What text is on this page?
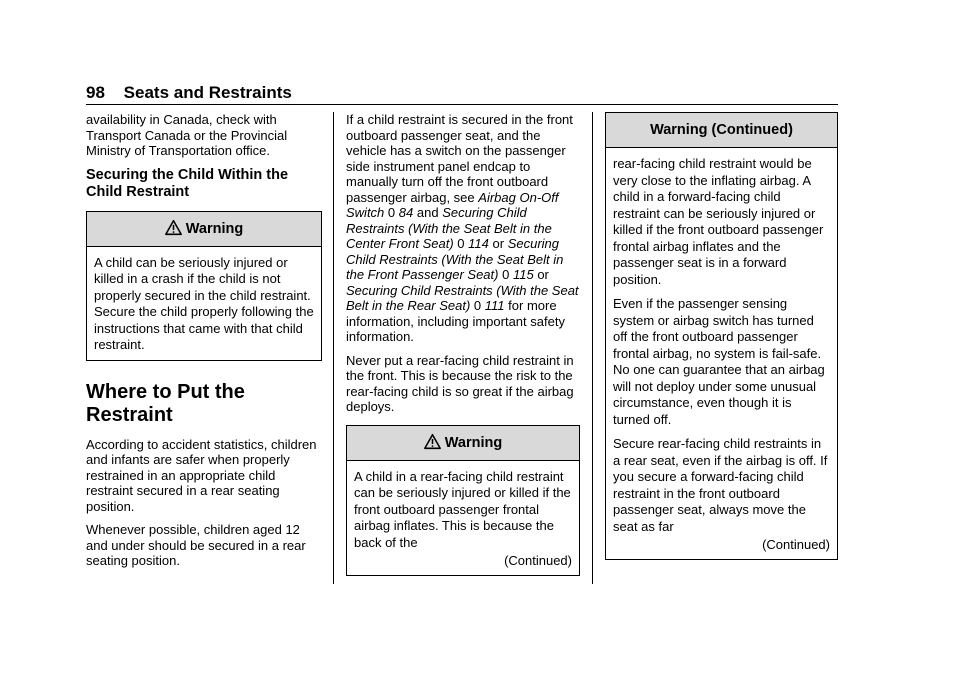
98 Seats and Restraints

availability in Canada, check with Transport Canada or the Provincial Ministry of Transportation office.

Securing the Child Within the Child Restraint
Warning

A child can be seriously injured or killed in a crash if the child is not properly secured in the child restraint. Secure the child properly following the instructions that came with that child restraint.

Where to Put the Restraint

According to accident statistics, children and infants are safer when properly restrained in an appropriate child restraint secured in a rear seating position.

Whenever possible, children aged 12 and under should be secured in a rear seating position.

If a child restraint is secured in the front outboard passenger seat, and the vehicle has a switch on the passenger side instrument panel endcap to manually turn off the front outboard passenger airbag, see Airbag On-Off Switch 0 84 and Securing Child Restraints (With the Seat Belt in the Center Front Seat) 0 114 or Securing Child Restraints (With the Seat Belt in the Front Passenger Seat) 0 115 or Securing Child Restraints (With the Seat Belt in the Rear Seat) 0 111 for more information, including important safety information.

Never put a rear-facing child restraint in the front. This is because the risk to the rear-facing child is so great if the airbag deploys.

Warning

A child in a rear-facing child restraint can be seriously injured or killed if the front outboard passenger frontal airbag inflates. This is because the back of the

(Continued)
Warning (Continued)

rear-facing child restraint would be very close to the inflating airbag. A child in a forward-facing child restraint can be seriously injured or killed if the front outboard passenger frontal airbag inflates and the passenger seat is in a forward position.

Even if the passenger sensing system or airbag switch has turned off the front outboard passenger frontal airbag, no system is fail-safe. No one can guarantee that an airbag will not deploy under some unusual circumstance, even though it is turned off.

Secure rear-facing child restraints in a rear seat, even if the airbag is off. If you secure a forward-facing child restraint in the front outboard passenger seat, always move the seat as far

(Continued)
